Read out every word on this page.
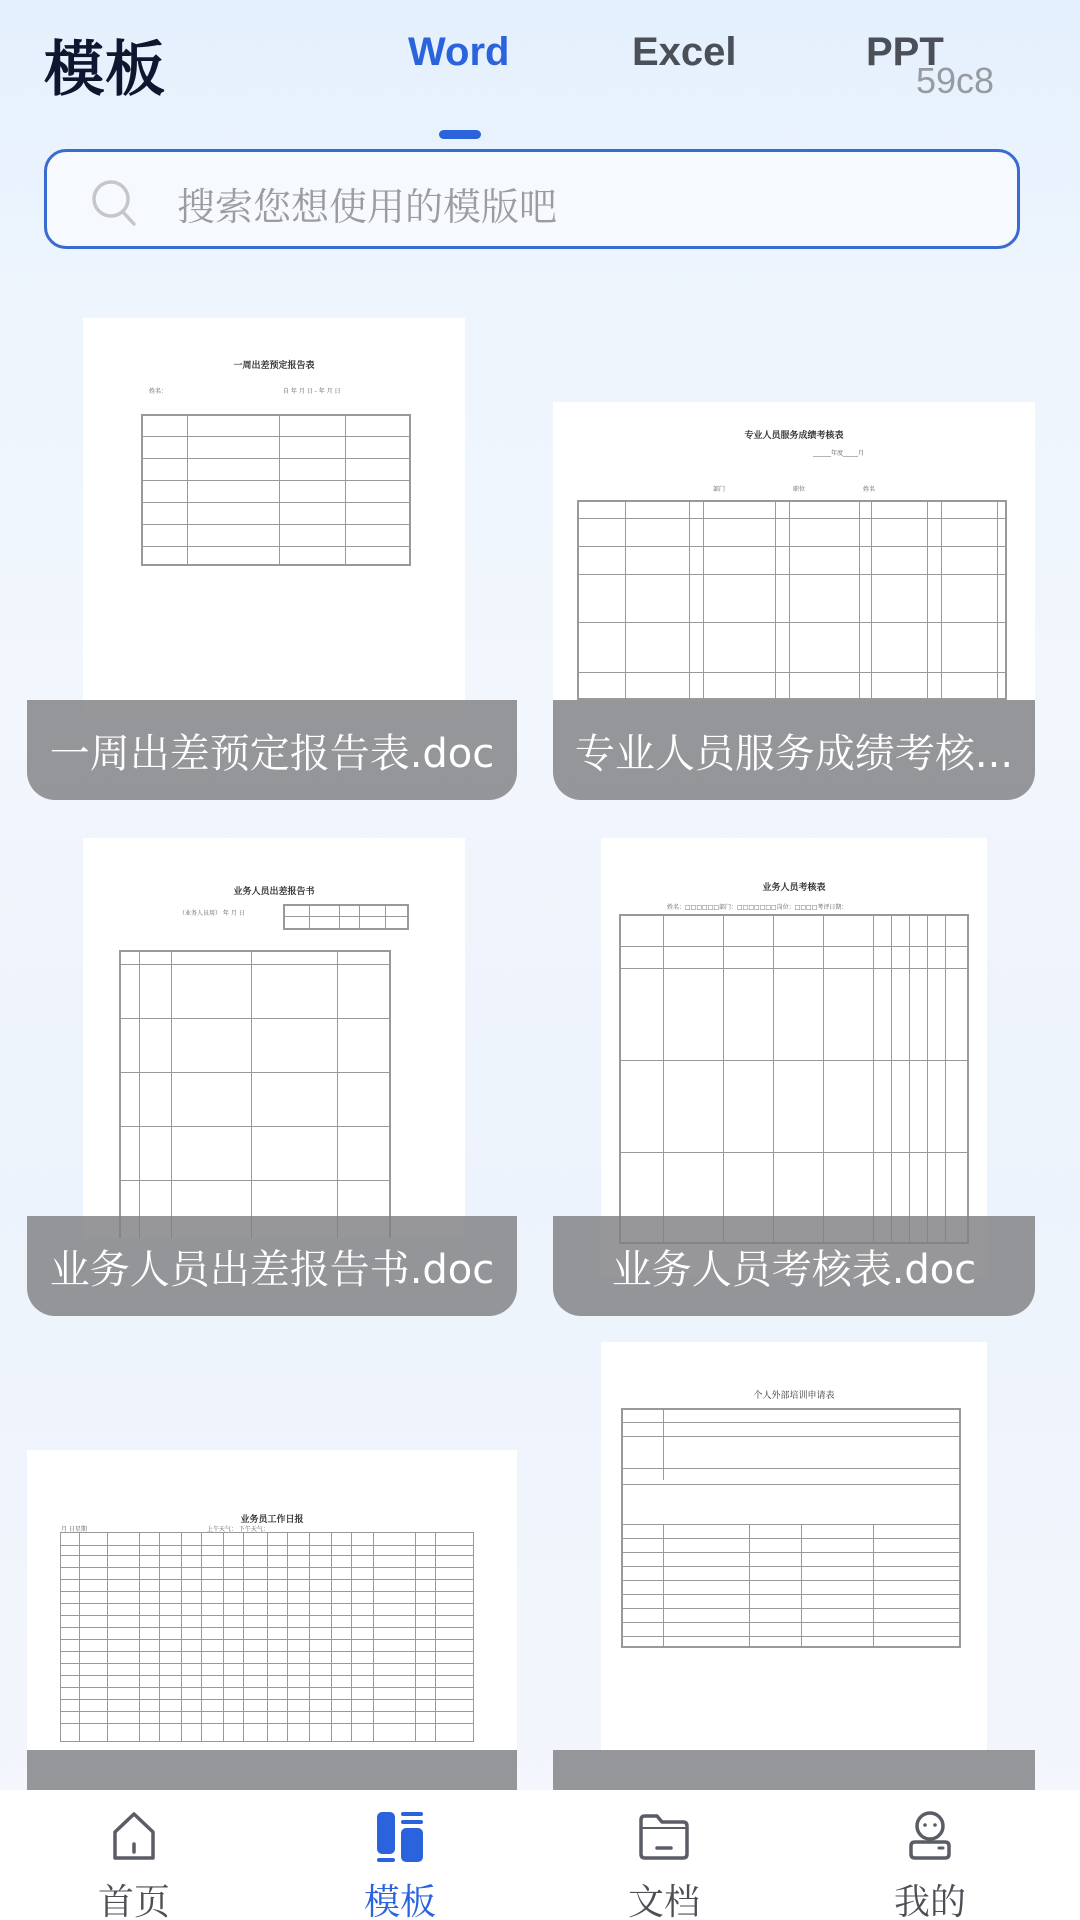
模板	Word	Excel	PPT
59c8
搜索您想使用的模版吧
一周出差预定报告表
姓名：	自 年 月 日 - 年 月 日
一周出差预定报告表.doc
专业人员服务成绩考核表
______年度_____月
部门	职位	姓名
专业人员服务成绩考核...
业务人员出差报告书
（业务人员用） 年 月 日
业务人员出差报告书.doc
业务人员考核表
姓名：□□□□□□部门：□□□□□□□岗位：□□□□考评日期：
业务人员考核表.doc
业务员工作日报
月 日星期	上午天气： 下午天气：
个人外部培训申请表
首页	模板	文档	我的
